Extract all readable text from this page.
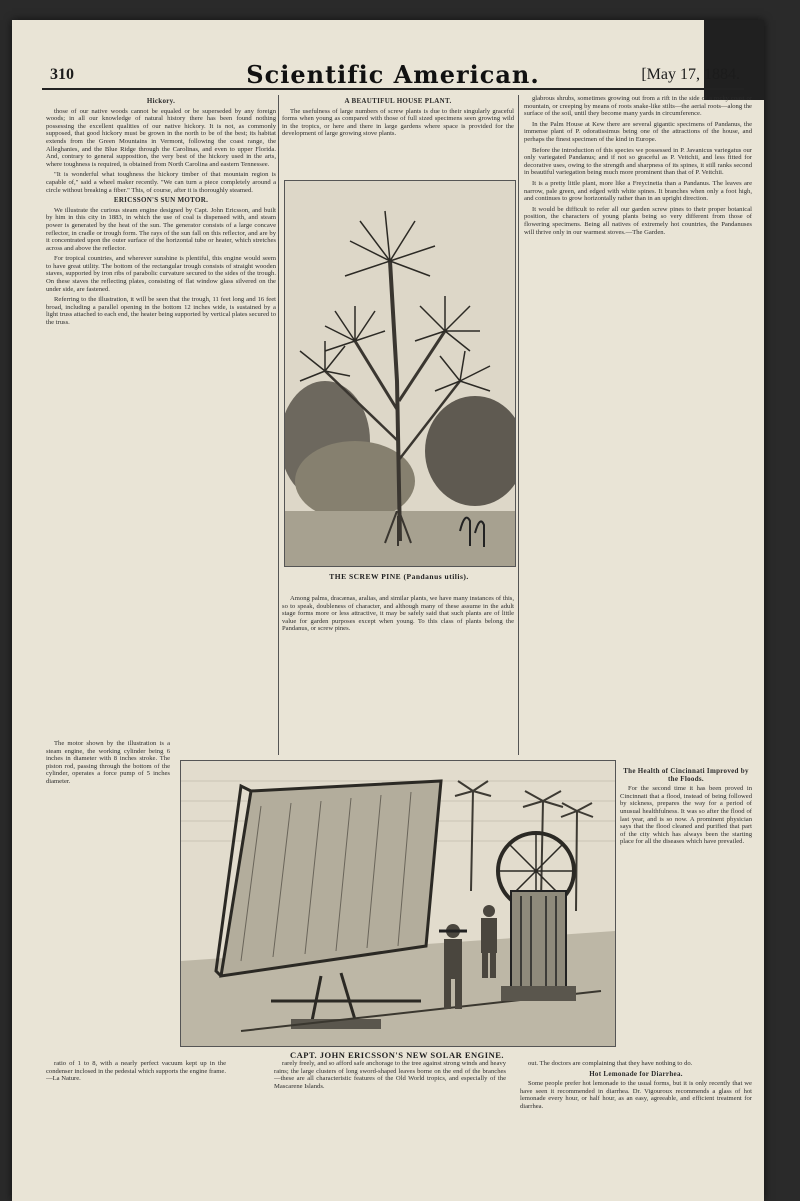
310	Scientific American.	[May 17, 1884.
Hickory.

those of our native woods cannot be equaled or be superseded by any foreign woods; in all our knowledge of natural history there has been found nothing possessing the excellent qualities of our native hickory. It is not, as commonly supposed, that good hickory must be grown in the north to be of the best; its habitat extends from the Green Mountains in Vermont, following the coast range, the Alleghanies, and the Blue Ridge through the Carolinas, and even to upper Florida. And, contrary to general supposition, the very best of the hickory used in the arts, where toughness is required, is obtained from North Carolina and eastern Tennessee.

"It is wonderful what toughness the hickory timber of that mountain region is capable of," said a wheel maker recently. "We can turn a piece completely around a circle without breaking a fiber." This, of course, after it is thoroughly steamed.

ERICSSON'S SUN MOTOR.

We illustrate the curious steam engine designed by Capt. John Ericsson, and built by him in this city in 1883, in which the use of coal is dispensed with, and steam power is generated by the heat of the sun. The generator consists of a large concave reflector, in cradle or trough form. The rays of the sun fall on this reflector, and are by it concentrated upon the outer surface of the horizontal tube or heater, which stretches across and above the reflector.

For tropical countries, and wherever sunshine is plentiful, this engine would seem to have great utility. The bottom of the rectangular trough consists of straight wooden staves, supported by iron ribs of parabolic curvature secured to the sides of the trough. On these staves the reflecting plates, consisting of flat window glass silvered on the under side, are fastened.

Referring to the illustration, it will be seen that the trough, 11 feet long and 16 feet broad, including a parallel opening in the bottom 12 inches wide, is sustained by a light truss attached to each end, the heater being supported by vertical plates secured to the truss.

The motor shown by the illustration is a steam engine, the working cylinder being 6 inches in diameter with 8 inches stroke. The piston rod, passing through the bottom of the cylinder, operates a force pump of 5 inches diameter.

A BEAUTIFUL HOUSE PLANT.

The usefulness of large numbers of screw plants is due to their singularly graceful forms when young as compared with those of full sized specimens seen growing wild in the tropics, or here and there in large gardens where space is provided for the development of large growing stove plants.

THE SCREW PINE (Pandanus utilis).

Among palms, dracænas, aralias, and similar plants, we have many instances of this, so to speak, doubleness of character, and although many of these assume in the adult stage forms more or less attractive, it may be safely said that such plants are of little value for garden purposes except when young. To this class of plants belong the Pandanus, or screw pines.

glabrous shrubs, sometimes growing out from a rift in the side of a rocky coast or mountain, or creeping by means of roots snake-like stilts—the aerial roots—along the surface of the soil, until they become many yards in circumference.

In the Palm House at Kew there are several gigantic specimens of Pandanus, the immense plant of P. odoratissimus being one of the attractions of the house, and perhaps the finest specimen of the kind in Europe.

Before the introduction of this species we possessed in P. Javanicus variegatus our only variegated Pandanus; and if not so graceful as P. Veitchii, and less fitted for decorative uses, owing to the strength and sharpness of its spines, it still ranks second in beautiful variegation being much more prominent than that of P. Veitchii.

It is a pretty little plant, more like a Freycinetia than a Pandanus. The leaves are narrow, pale green, and edged with white spines. It branches when only a foot high, and continues to grow horizontally rather than in an upright direction.

It would be difficult to refer all our garden screw pines to their proper botanical position, the characters of young plants being so very different from those of flowering specimens. Being all natives of extremely hot countries, the Pandanuses will thrive only in our warmest stoves.—The Garden.

The Health of Cincinnati Improved by the Floods.

For the second time it has been proved in Cincinnati that a flood, instead of being followed by sickness, prepares the way for a period of unusual healthfulness. It was so after the flood of last year, and is so now. A prominent physician says that the flood cleaned and purified that part of the city which has always been the starting place for all the diseases which have prevailed.

CAPT. JOHN ERICSSON'S NEW SOLAR ENGINE.

ratio of 1 to 8, with a nearly perfect vacuum kept up in the condenser inclosed in the pedestal which supports the engine frame.—La Nature.

rarely freely, and so afford safe anchorage to the tree against strong winds and heavy rains; the large clusters of long sword-shaped leaves borne on the end of the branches—these are all characteristic features of the Old World tropics, and especially of the Mascarene Islands.

out. The doctors are complaining that they have nothing to do.

Hot Lemonade for Diarrhea.

Some people prefer hot lemonade to the usual forms, but it is only recently that we have seen it recommended in diarrhea. Dr. Vigouroux recommends a glass of hot lemonade every hour, or half hour, as an easy, agreeable, and efficient treatment for diarrhea.
